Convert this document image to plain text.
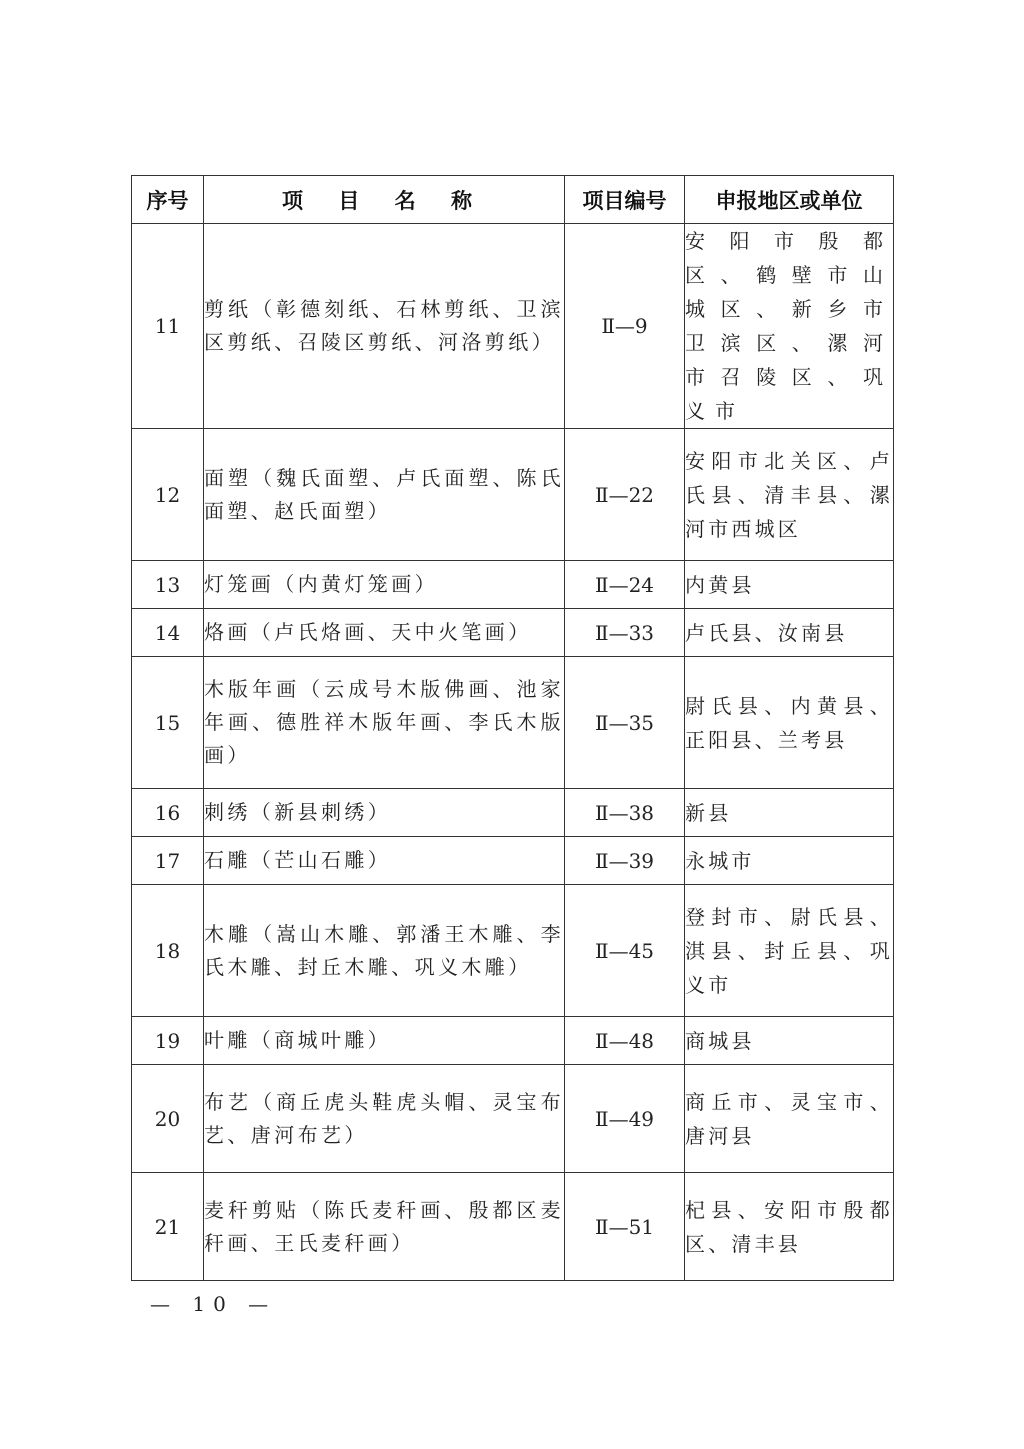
序号	项 目 名 称	项目编号	申报地区或单位
11	剪纸（彰德刻纸、石林剪纸、卫滨区剪纸、召陵区剪纸、河洛剪纸）	Ⅱ—9	安阳市殷都区、鹤壁市山城区、新乡市卫滨区、漯河市召陵区、巩义市
12	面塑（魏氏面塑、卢氏面塑、陈氏面塑、赵氏面塑）	Ⅱ—22	安阳市北关区、卢氏县、清丰县、漯河市西城区
13	灯笼画（内黄灯笼画）	Ⅱ—24	内黄县
14	烙画（卢氏烙画、天中火笔画）	Ⅱ—33	卢氏县、汝南县
15	木版年画（云成号木版佛画、池家年画、德胜祥木版年画、李氏木版画）	Ⅱ—35	尉氏县、内黄县、正阳县、兰考县
16	刺绣（新县刺绣）	Ⅱ—38	新县
17	石雕（芒山石雕）	Ⅱ—39	永城市
18	木雕（嵩山木雕、郭潘王木雕、李氏木雕、封丘木雕、巩义木雕）	Ⅱ—45	登封市、尉氏县、淇县、封丘县、巩义市
19	叶雕（商城叶雕）	Ⅱ—48	商城县
20	布艺（商丘虎头鞋虎头帽、灵宝布艺、唐河布艺）	Ⅱ—49	商丘市、灵宝市、唐河县
21	麦秆剪贴（陈氏麦秆画、殷都区麦秆画、王氏麦秆画）	Ⅱ—51	杞县、安阳市殷都区、清丰县
— 10 —
